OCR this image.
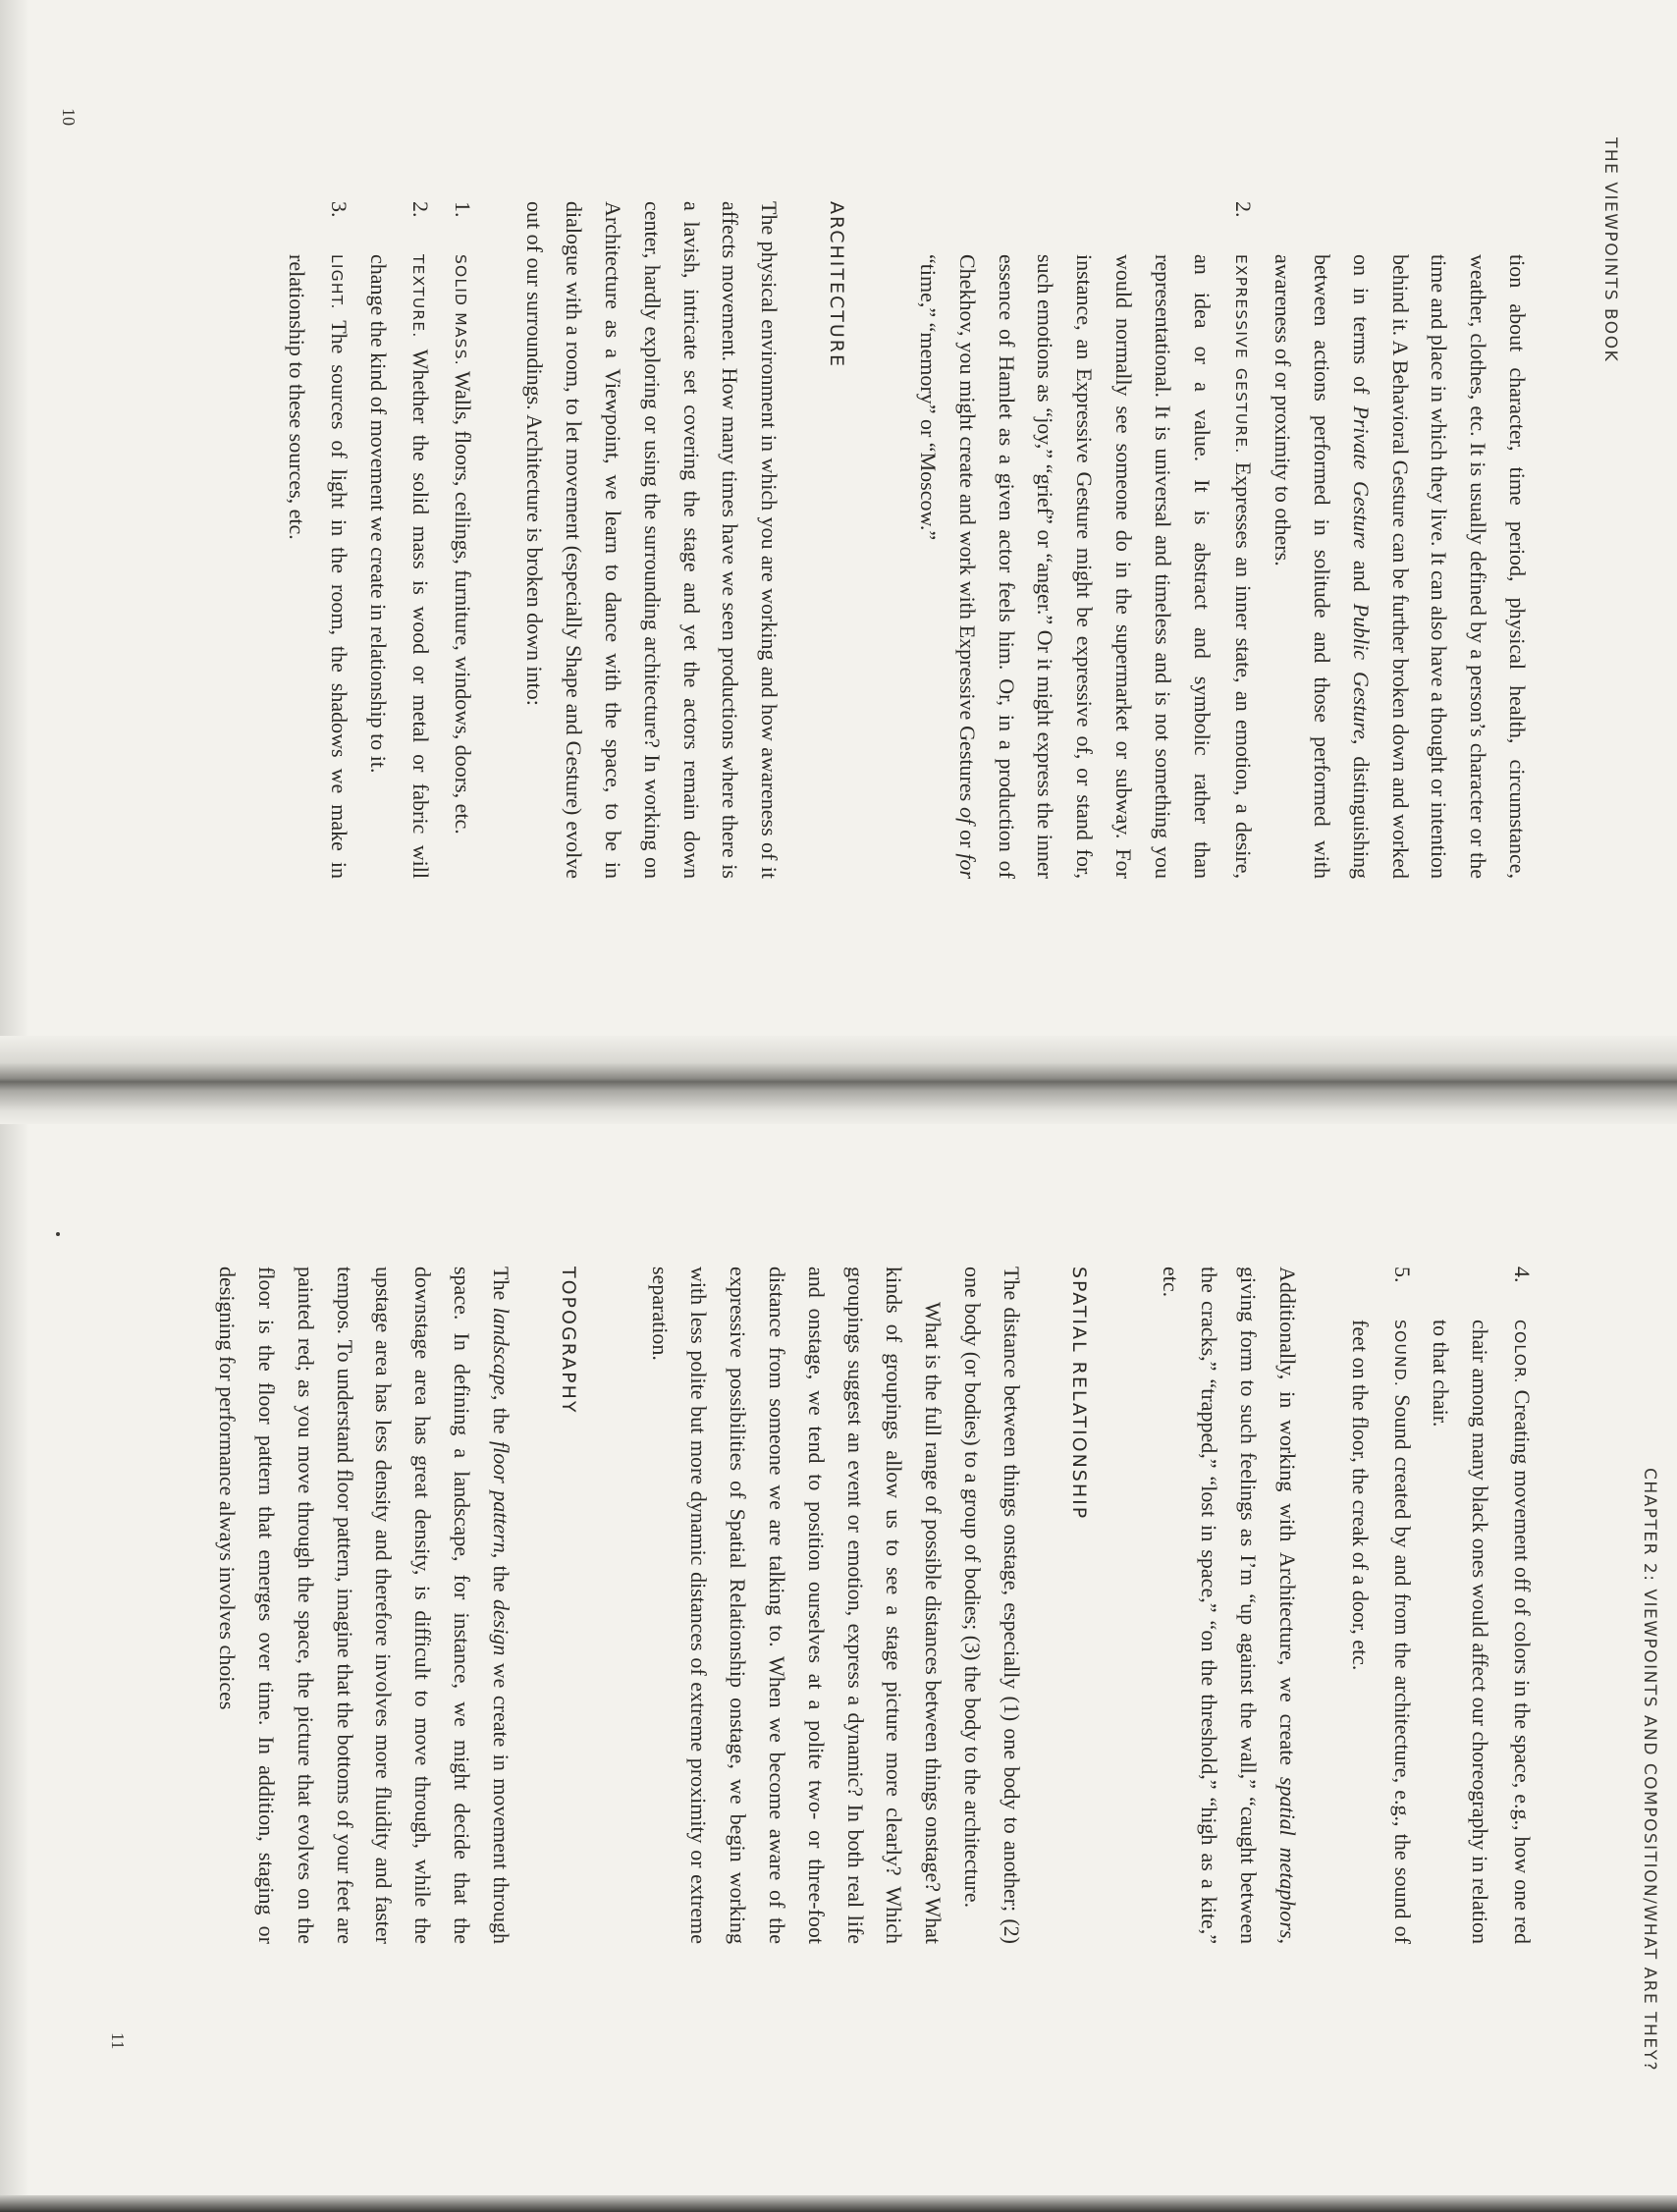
THE VIEWPOINTS BOOK

tion about character, time period, physical health, circumstance, weather, clothes, etc. It is usually defined by a person’s character or the time and place in which they live. It can also have a thought or intention behind it. A Behavioral Gesture can be further broken down and worked on in terms of Private Gesture and Public Gesture, distinguishing between actions performed in solitude and those performed with awareness of or proximity to others.

2.
EXPRESSIVE GESTURE. Expresses an inner state, an emotion, a desire, an idea or a value. It is abstract and symbolic rather than representational. It is universal and timeless and is not something you would normally see someone do in the supermarket or subway. For instance, an Expressive Gesture might be expressive of, or stand for, such emotions as “joy,” “grief” or “anger.” Or it might express the inner essence of Hamlet as a given actor feels him. Or, in a production of Chekhov, you might create and work with Expressive Gestures of or for “time,” “memory” or “Moscow.”

ARCHITECTURE

The physical environment in which you are working and how awareness of it affects movement. How many times have we seen productions where there is a lavish, intricate set covering the stage and yet the actors remain down center, hardly exploring or using the surrounding architecture? In working on Architecture as a Viewpoint, we learn to dance with the space, to be in dialogue with a room, to let movement (especially Shape and Gesture) evolve out of our surroundings. Architecture is broken down into:

1.
SOLID MASS. Walls, floors, ceilings, furniture, windows, doors, etc.

2.
TEXTURE. Whether the solid mass is wood or metal or fabric will change the kind of movement we create in relationship to it.

3.
LIGHT. The sources of light in the room, the shadows we make in relationship to these sources, etc.

10
CHAPTER 2: VIEWPOINTS AND COMPOSITION/WHAT ARE THEY?

4.
COLOR. Creating movement off of colors in the space, e.g., how one red chair among many black ones would affect our choreography in relation to that chair.

5.
SOUND. Sound created by and from the architecture, e.g., the sound of feet on the floor, the creak of a door, etc.

Additionally, in working with Architecture, we create spatial metaphors, giving form to such feelings as I’m “up against the wall,” “caught between the cracks,” “trapped,” “lost in space,” “on the threshold,” “high as a kite,” etc.

SPATIAL RELATIONSHIP

The distance between things onstage, especially (1) one body to another; (2) one body (or bodies) to a group of bodies; (3) the body to the architecture.

What is the full range of possible distances between things onstage? What kinds of groupings allow us to see a stage picture more clearly? Which groupings suggest an event or emotion, express a dynamic? In both real life and onstage, we tend to position ourselves at a polite two- or three-foot distance from someone we are talking to. When we become aware of the expressive possibilities of Spatial Relationship onstage, we begin working with less polite but more dynamic distances of extreme proximity or extreme separation.

TOPOGRAPHY

The landscape, the floor pattern, the design we create in movement through space. In defining a landscape, for instance, we might decide that the downstage area has great density, is difficult to move through, while the upstage area has less density and therefore involves more fluidity and faster tempos. To understand floor pattern, imagine that the bottoms of your feet are painted red; as you move through the space, the picture that evolves on the floor is the floor pattern that emerges over time. In addition, staging or designing for performance always involves choices

11
